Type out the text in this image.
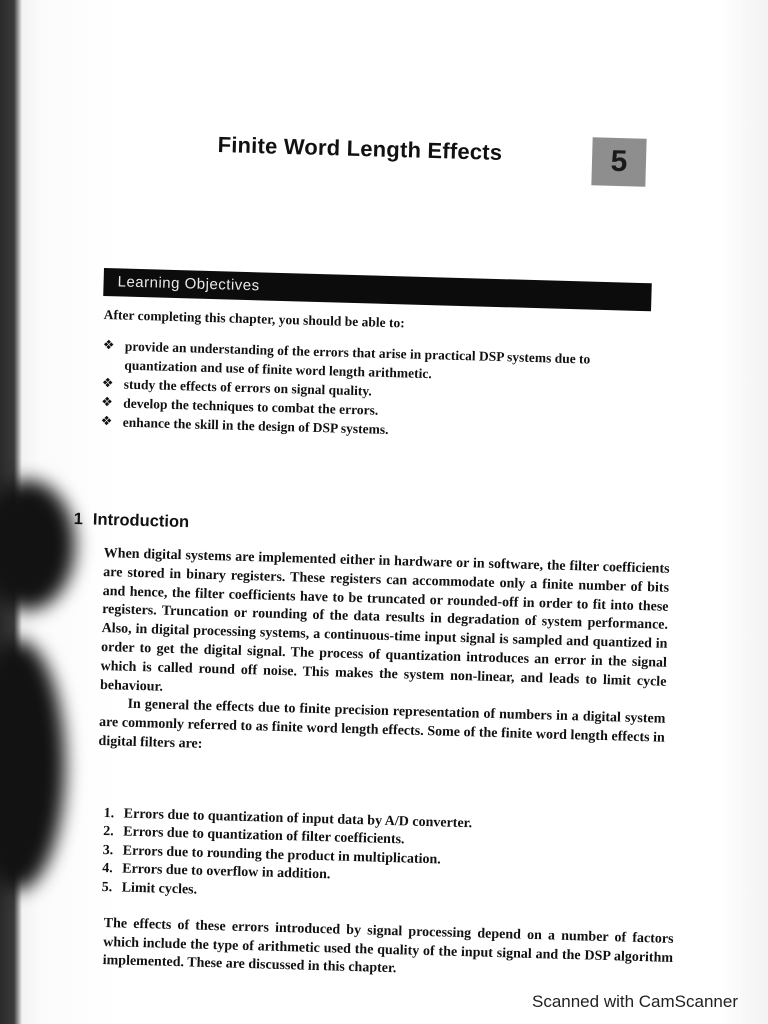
Finite Word Length Effects	5
Learning Objectives

After completing this chapter, you should be able to:

❖ provide an understanding of the errors that arise in practical DSP systems due to quantization and use of finite word length arithmetic.
❖ study the effects of errors on signal quality.
❖ develop the techniques to combat the errors.
❖ enhance the skill in the design of DSP systems.
1 Introduction

When digital systems are implemented either in hardware or in software, the filter coefficients are stored in binary registers. These registers can accommodate only a finite number of bits and hence, the filter coefficients have to be truncated or rounded-off in order to fit into these registers. Truncation or rounding of the data results in degradation of system performance. Also, in digital processing systems, a continuous-time input signal is sampled and quantized in order to get the digital signal. The process of quantization introduces an error in the signal which is called round off noise. This makes the system non-linear, and leads to limit cycle behaviour.

In general the effects due to finite precision representation of numbers in a digital system are commonly referred to as finite word length effects. Some of the finite word length effects in digital filters are:

1. Errors due to quantization of input data by A/D converter.
2. Errors due to quantization of filter coefficients.
3. Errors due to rounding the product in multiplication.
4. Errors due to overflow in addition.
5. Limit cycles.

The effects of these errors introduced by signal processing depend on a number of factors which include the type of arithmetic used the quality of the input signal and the DSP algorithm implemented. These are discussed in this chapter.

Scanned with CamScanner
